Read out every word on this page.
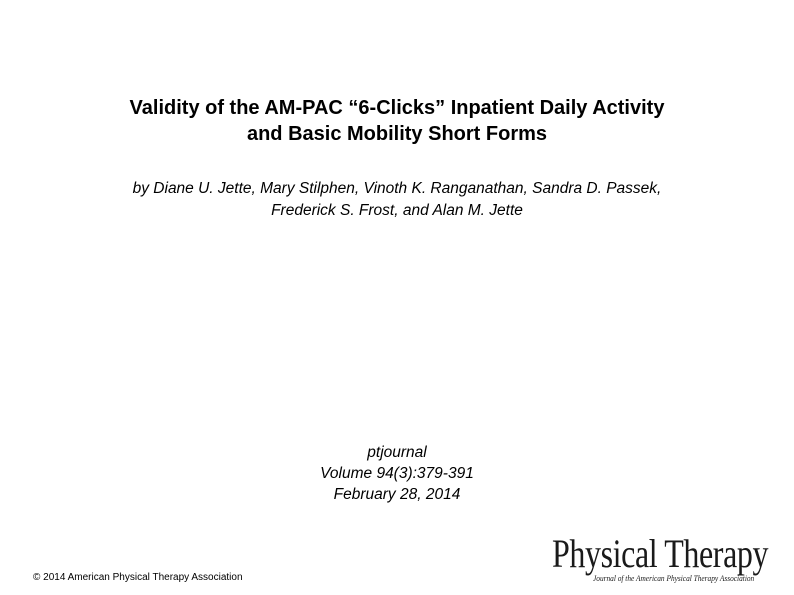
Validity of the AM-PAC “6-Clicks” Inpatient Daily Activity
and Basic Mobility Short Forms
by Diane U. Jette, Mary Stilphen, Vinoth K. Ranganathan, Sandra D. Passek,
Frederick S. Frost, and Alan M. Jette
ptjournal
Volume 94(3):379-391
February 28, 2014
© 2014 American Physical Therapy Association
Physical Therapy
Journal of the American Physical Therapy Association
